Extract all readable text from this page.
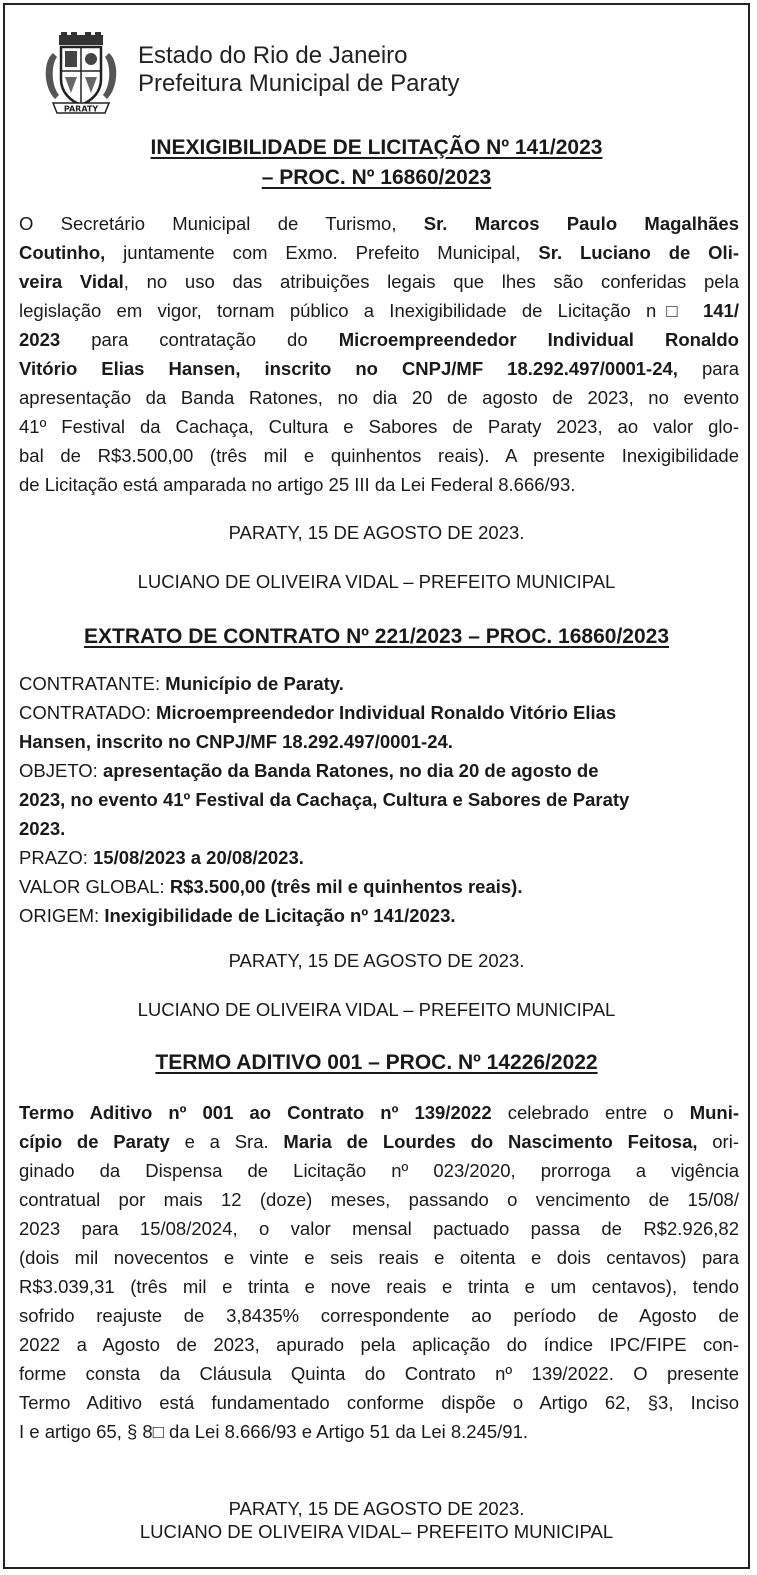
PARATY
Estado do Rio de Janeiro
Prefeitura Municipal de Paraty
INEXIGIBILIDADE DE LICITAÇÃO Nº 141/2023
– PROC. Nº 16860/2023
O Secretário Municipal de Turismo, Sr. Marcos Paulo Magalhães
Coutinho, juntamente com Exmo. Prefeito Municipal, Sr. Luciano de Oli-
veira Vidal, no uso das atribuições legais que lhes são conferidas pela
legislação em vigor, tornam público a Inexigibilidade de Licitação n□ 141/
2023 para contratação do Microempreendedor Individual Ronaldo
Vitório Elias Hansen, inscrito no CNPJ/MF 18.292.497/0001-24, para
apresentação da Banda Ratones, no dia 20 de agosto de 2023, no evento
41º Festival da Cachaça, Cultura e Sabores de Paraty 2023, ao valor glo-
bal de R$3.500,00 (três mil e quinhentos reais). A presente Inexigibilidade
de Licitação está amparada no artigo 25 III da Lei Federal 8.666/93.
PARATY, 15 DE AGOSTO DE 2023.
LUCIANO DE OLIVEIRA VIDAL – PREFEITO MUNICIPAL
EXTRATO DE CONTRATO Nº 221/2023 – PROC. 16860/2023
CONTRATANTE: Município de Paraty.
CONTRATADO: Microempreendedor Individual Ronaldo Vitório Elias
Hansen, inscrito no CNPJ/MF 18.292.497/0001-24.
OBJETO: apresentação da Banda Ratones, no dia 20 de agosto de
2023, no evento 41º Festival da Cachaça, Cultura e Sabores de Paraty
2023.
PRAZO: 15/08/2023 a 20/08/2023.
VALOR GLOBAL: R$3.500,00 (três mil e quinhentos reais).
ORIGEM: Inexigibilidade de Licitação nº 141/2023.
PARATY, 15 DE AGOSTO DE 2023.
LUCIANO DE OLIVEIRA VIDAL – PREFEITO MUNICIPAL
TERMO ADITIVO 001 – PROC. Nº 14226/2022
Termo Aditivo nº 001 ao Contrato nº 139/2022 celebrado entre o Muni-
cípio de Paraty e a Sra. Maria de Lourdes do Nascimento Feitosa, ori-
ginado da Dispensa de Licitação nº 023/2020, prorroga a vigência
contratual por mais 12 (doze) meses, passando o vencimento de 15/08/
2023 para 15/08/2024, o valor mensal pactuado passa de R$2.926,82
(dois mil novecentos e vinte e seis reais e oitenta e dois centavos) para
R$3.039,31 (três mil e trinta e nove reais e trinta e um centavos), tendo
sofrido reajuste de 3,8435% correspondente ao período de Agosto de
2022 a Agosto de 2023, apurado pela aplicação do índice IPC/FIPE con-
forme consta da Cláusula Quinta do Contrato nº 139/2022. O presente
Termo Aditivo está fundamentado conforme dispõe o Artigo 62, §3, Inciso
I e artigo 65, § 8□ da Lei 8.666/93 e Artigo 51 da Lei 8.245/91.
PARATY, 15 DE AGOSTO DE 2023.
LUCIANO DE OLIVEIRA VIDAL– PREFEITO MUNICIPAL
